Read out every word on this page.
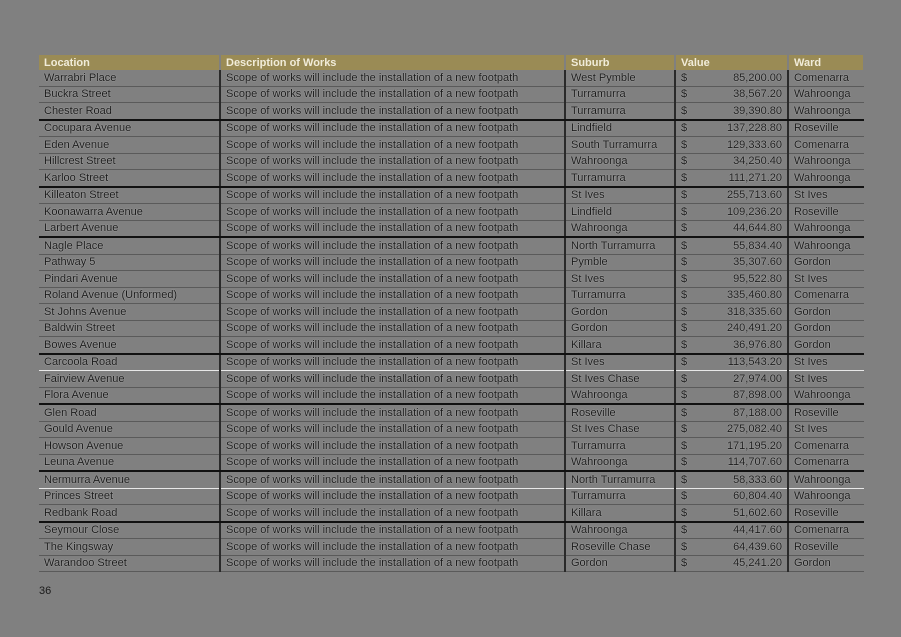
Location	Description of Works	Suburb	Value	Ward
Warrabri Place	Scope of works will include the installation of a new footpath	West Pymble	$ 85,200.00	Comenarra
Buckra Street	Scope of works will include the installation of a new footpath	Turramurra	$ 38,567.20	Wahroonga
Chester Road	Scope of works will include the installation of a new footpath	Turramurra	$ 39,390.80	Wahroonga
Cocupara Avenue	Scope of works will include the installation of a new footpath	Lindfield	$ 137,228.80	Roseville
Eden Avenue	Scope of works will include the installation of a new footpath	South Turramurra	$ 129,333.60	Comenarra
Hillcrest Street	Scope of works will include the installation of a new footpath	Wahroonga	$ 34,250.40	Wahroonga
Karloo Street	Scope of works will include the installation of a new footpath	Turramurra	$ 111,271.20	Wahroonga
Killeaton Street	Scope of works will include the installation of a new footpath	St Ives	$ 255,713.60	St Ives
Koonawarra Avenue	Scope of works will include the installation of a new footpath	Lindfield	$ 109,236.20	Roseville
Larbert Avenue	Scope of works will include the installation of a new footpath	Wahroonga	$ 44,644.80	Wahroonga
Nagle Place	Scope of works will include the installation of a new footpath	North Turramurra	$ 55,834.40	Wahroonga
Pathway 5	Scope of works will include the installation of a new footpath	Pymble	$ 35,307.60	Gordon
Pindari Avenue	Scope of works will include the installation of a new footpath	St Ives	$ 95,522.80	St Ives
Roland Avenue (Unformed)	Scope of works will include the installation of a new footpath	Turramurra	$ 335,460.80	Comenarra
St Johns Avenue	Scope of works will include the installation of a new footpath	Gordon	$ 318,335.60	Gordon
Baldwin Street	Scope of works will include the installation of a new footpath	Gordon	$ 240,491.20	Gordon
Bowes Avenue	Scope of works will include the installation of a new footpath	Killara	$ 36,976.80	Gordon
Carcoola Road	Scope of works will include the installation of a new footpath	St Ives	$ 113,543.20	St Ives
Fairview Avenue	Scope of works will include the installation of a new footpath	St Ives Chase	$ 27,974.00	St Ives
Flora Avenue	Scope of works will include the installation of a new footpath	Wahroonga	$ 87,898.00	Wahroonga
Glen Road	Scope of works will include the installation of a new footpath	Roseville	$ 87,188.00	Roseville
Gould Avenue	Scope of works will include the installation of a new footpath	St Ives Chase	$ 275,082.40	St Ives
Howson Avenue	Scope of works will include the installation of a new footpath	Turramurra	$ 171,195.20	Comenarra
Leuna Avenue	Scope of works will include the installation of a new footpath	Wahroonga	$ 114,707.60	Comenarra
Nermurra Avenue	Scope of works will include the installation of a new footpath	North Turramurra	$ 58,333.60	Wahroonga
Princes Street	Scope of works will include the installation of a new footpath	Turramurra	$ 60,804.40	Wahroonga
Redbank Road	Scope of works will include the installation of a new footpath	Killara	$ 51,602.60	Roseville
Seymour Close	Scope of works will include the installation of a new footpath	Wahroonga	$ 44,417.60	Comenarra
The Kingsway	Scope of works will include the installation of a new footpath	Roseville Chase	$ 64,439.60	Roseville
Warandoo Street	Scope of works will include the installation of a new footpath	Gordon	$ 45,241.20	Gordon
36
